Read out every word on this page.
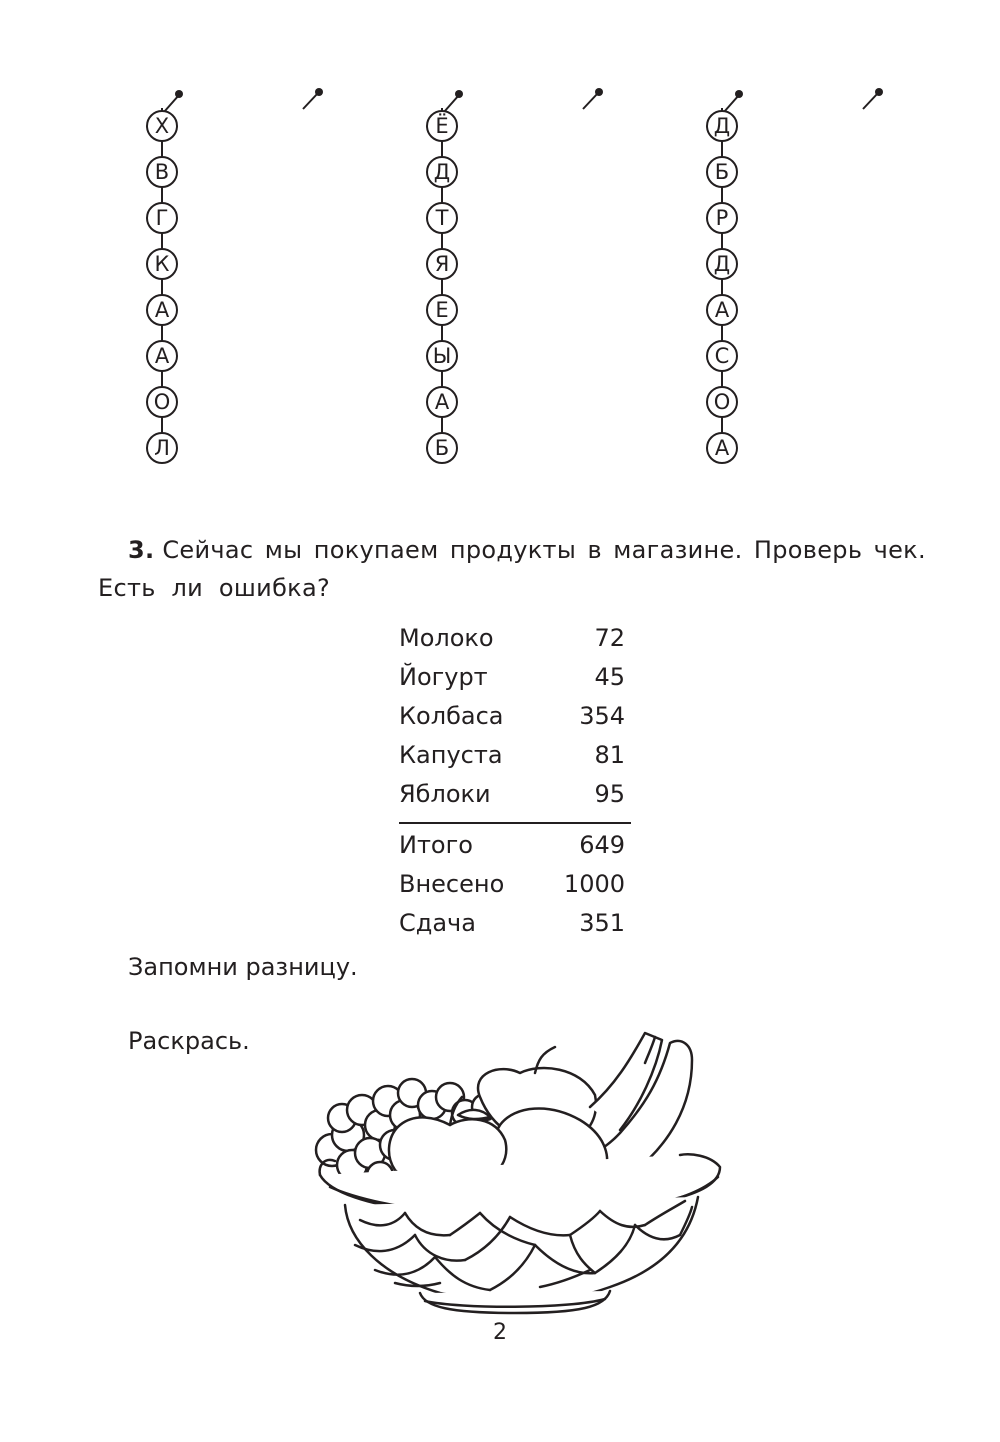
Х
В
Г
К
А
А
О
Л
Ё
Д
Т
Я
Е
Ы
А
Б
Д
Б
Р
Д
А
С
О
А
3. Сейчас мы покупаем продукты в магазине. Проверь чек.
Есть  ли  ошибка?
Молоко	72
Йогурт	45
Колбаса	354
Капуста	81
Яблоки	95
Итого	649
Внесено 1000
Сдача	351
Запомни разницу.
Раскрась.
2
